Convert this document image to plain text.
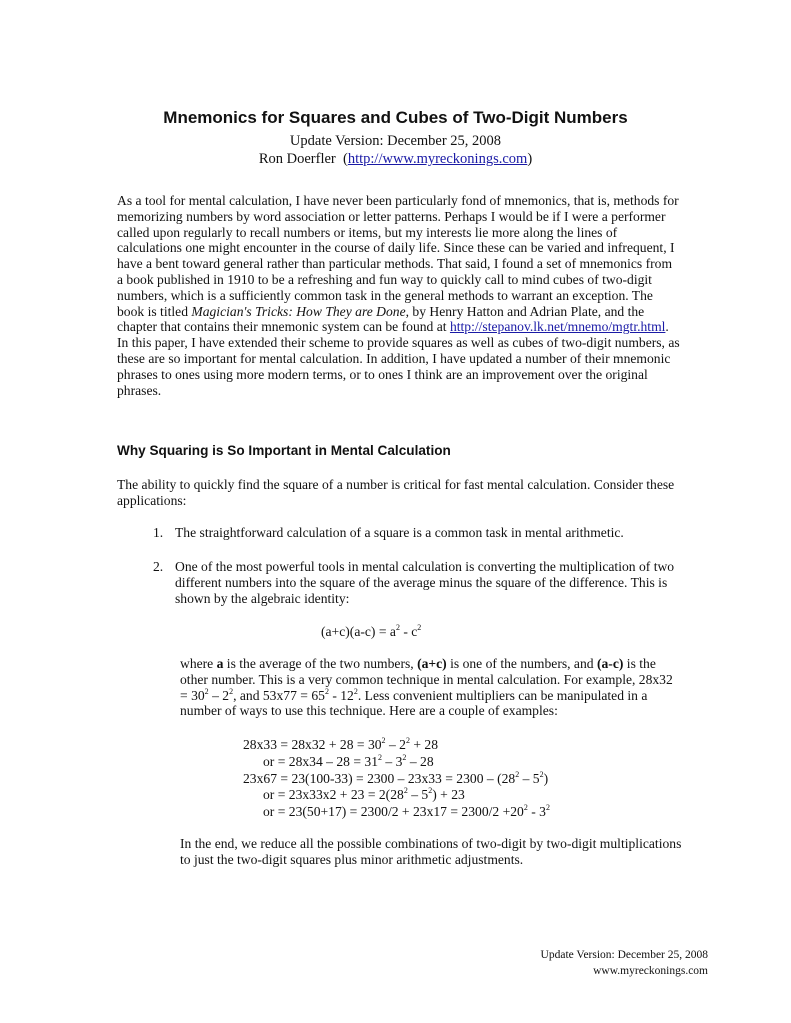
Mnemonics for Squares and Cubes of Two-Digit Numbers
Update Version: December 25, 2008
Ron Doerfler  (http://www.myreckonings.com)
As a tool for mental calculation, I have never been particularly fond of mnemonics, that is, methods for
memorizing numbers by word association or letter patterns. Perhaps I would be if I were a performer
called upon regularly to recall numbers or items, but my interests lie more along the lines of
calculations one might encounter in the course of daily life. Since these can be varied and infrequent, I
have a bent toward general rather than particular methods. That said, I found a set of mnemonics from
a book published in 1910 to be a refreshing and fun way to quickly call to mind cubes of two-digit
numbers, which is a sufficiently common task in the general methods to warrant an exception. The
book is titled Magician's Tricks: How They are Done, by Henry Hatton and Adrian Plate, and the
chapter that contains their mnemonic system can be found at http://stepanov.lk.net/mnemo/mgtr.html.
In this paper, I have extended their scheme to provide squares as well as cubes of two-digit numbers, as
these are so important for mental calculation. In addition, I have updated a number of their mnemonic
phrases to ones using more modern terms, or to ones I think are an improvement over the original
phrases.
Why Squaring is So Important in Mental Calculation
The ability to quickly find the square of a number is critical for fast mental calculation. Consider these
applications:
1. The straightforward calculation of a square is a common task in mental arithmetic.
2. One of the most powerful tools in mental calculation is converting the multiplication of two
different numbers into the square of the average minus the square of the difference. This is
shown by the algebraic identity:
$(a+c)(a-c) = a^2 - c^2$
where a is the average of the two numbers, (a+c) is one of the numbers, and (a-c) is the
other number. This is a very common technique in mental calculation. For example, 28x32
= $30^2 - 2^2$, and $53x77 = 65^2 - 12^2$. Less convenient multipliers can be manipulated in a
number of ways to use this technique. Here are a couple of examples:
$28x33 = 28x32 + 28 = 30^2 - 2^2 + 28$
or = $28x34 - 28 = 31^2 - 3^2 - 28$
$23x67 = 23(100-33) = 2300 - 23x33 = 2300 - (28^2 - 5^2)$
or = $23x33x2 + 23 = 2(28^2 - 5^2) + 23$
or = $23(50+17) = 2300/2 + 23x17 = 2300/2 +20^2 - 3^2$
In the end, we reduce all the possible combinations of two-digit by two-digit multiplications
to just the two-digit squares plus minor arithmetic adjustments.
Update Version: December 25, 2008
www.myreckonings.com
